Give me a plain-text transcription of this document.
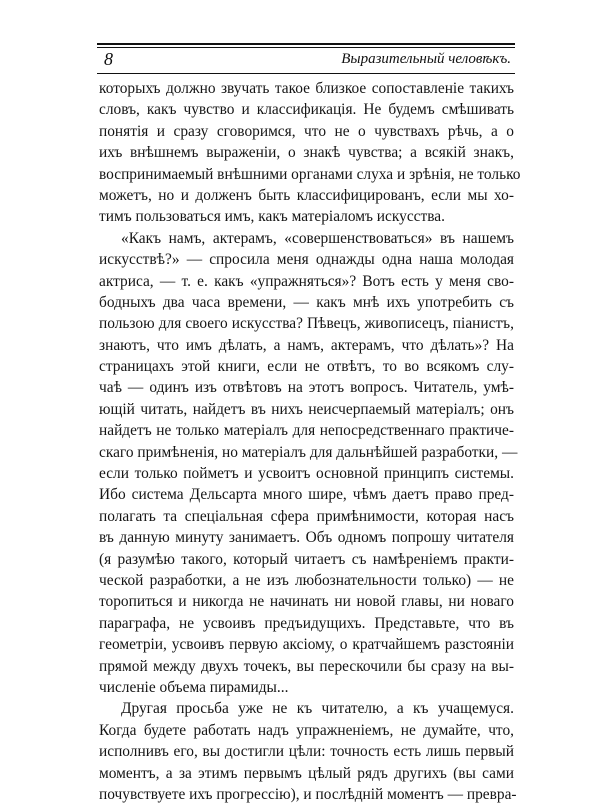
8	Выразительный человѣкъ.
которыхъ должно звучать такое близкое сопоставленіе такихъ
словъ, какъ чувство и классификація. Не будемъ смѣшивать
понятія и сразу сговоримся, что не о чувствахъ рѣчь, а о
ихъ внѣшнемъ выраженіи, о знакѣ чувства; а всякій знакъ,
воспринимаемый внѣшними органами слуха и зрѣнія, не только
можетъ, но и долженъ быть классифицированъ, если мы хо-
тимъ пользоваться имъ, какъ матеріаломъ искусства.
«Какъ намъ, актерамъ, «совершенствоваться» въ нашемъ
искусствѣ?» — спросила меня однажды одна наша молодая
актриса, — т. е. какъ «упражняться»? Вотъ есть у меня сво-
бодныхъ два часа времени, — какъ мнѣ ихъ употребить съ
пользою для своего искусства? Пѣвецъ, живописецъ, піанистъ,
знаютъ, что имъ дѣлать, а намъ, актерамъ, что дѣлать»? На
страницахъ этой книги, если не отвѣтъ, то во всякомъ слу-
чаѣ — одинъ изъ отвѣтовъ на этотъ вопросъ. Читатель, умѣ-
ющій читать, найдетъ въ нихъ неисчерпаемый матеріалъ; онъ
найдетъ не только матеріалъ для непосредственнаго практиче-
скаго примѣненія, но матеріалъ для дальнѣйшей разработки, —
если только пойметъ и усвоитъ основной принципъ системы.
Ибо система Дельсарта много шире, чѣмъ даетъ право пред-
полагать та спеціальная сфера примѣнимости, которая насъ
въ данную минуту занимаетъ. Объ одномъ попрошу читателя
(я разумѣю такого, который читаетъ съ намѣреніемъ практи-
ческой разработки, а не изъ любознательности только) — не
торопиться и никогда не начинать ни новой главы, ни новаго
параграфа, не усвоивъ предъидущихъ. Представьте, что въ
геометріи, усвоивъ первую аксіому, о кратчайшемъ разстояніи
прямой между двухъ точекъ, вы перескочили бы сразу на вы-
численіе объема пирамиды...
Другая просьба уже не къ читателю, а къ учащемуся.
Когда будете работать надъ упражненіемъ, не думайте, что,
исполнивъ его, вы достигли цѣли: точность есть лишь первый
моментъ, а за этимъ первымъ цѣлый рядъ другихъ (вы сами
почувствуете ихъ прогрессію), и послѣдній моментъ — превра-
